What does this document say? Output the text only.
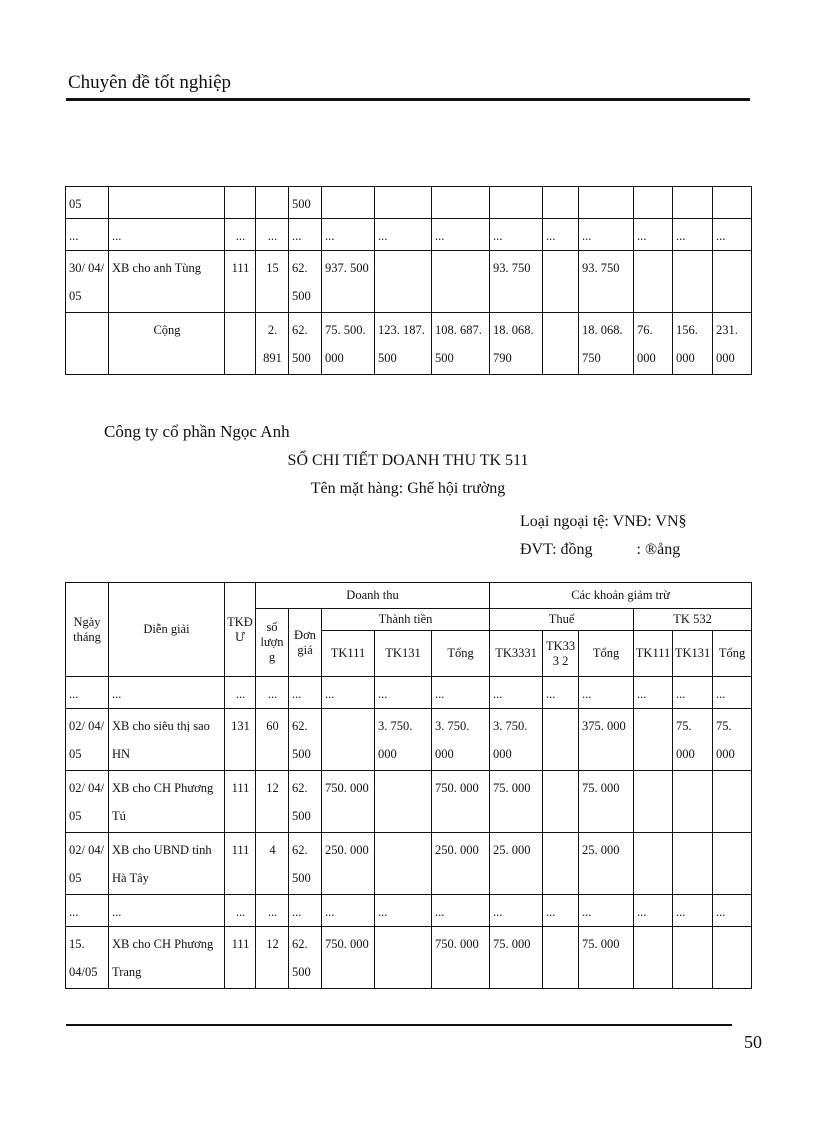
Chuyên đề tốt nghiệp
05				500									
...	...	...	...	...	...	...	...	...	...	...	...	...	...
30/ 04/ 05	XB cho anh Tùng	111	15	62. 500	937. 500			93. 750		93. 750			
	Cộng		2. 891	62. 500	75. 500. 000	123. 187. 500	108. 687. 500	18. 068. 790		18. 068. 750	76. 000	156. 000	231. 000
Công ty cổ phần Ngọc Anh
SỔ CHI TIẾT DOANH THU TK 511
Tên mặt hàng: Ghế hội trường
Loại ngoại tệ: VNĐ: VN§
ĐVT: đồng           : ®ång
Ngày tháng	Diễn giải	TKĐ Ư	Doanh thu					Các khoản giảm trừ					
			số lượn g	Đơn giá	Thành tiền			Thuế			TK 532		
					TK111	TK131	Tổng	TK3331	TK333 2	Tổng	TK111	TK131	Tổng
...	...	...	...	...	...	...	...	...	...	...	...	...	...
02/ 04/ 05	XB cho siêu thị sao HN	131	60	62. 500		3. 750. 000	3. 750. 000	3. 750. 000		375. 000		75. 000	75. 000
02/ 04/ 05	XB cho CH Phương Tú	111	12	62. 500	750. 000		750. 000	75. 000		75. 000			
02/ 04/ 05	XB cho UBND tỉnh Hà Tây	111	4	62. 500	250. 000		250. 000	25. 000		25. 000			
...	...	...	...	...	...	...	...	...	...	...	...	...	...
15. 04/05	XB cho CH Phương Trang	111	12	62. 500	750. 000		750. 000	75. 000		75. 000			
50
